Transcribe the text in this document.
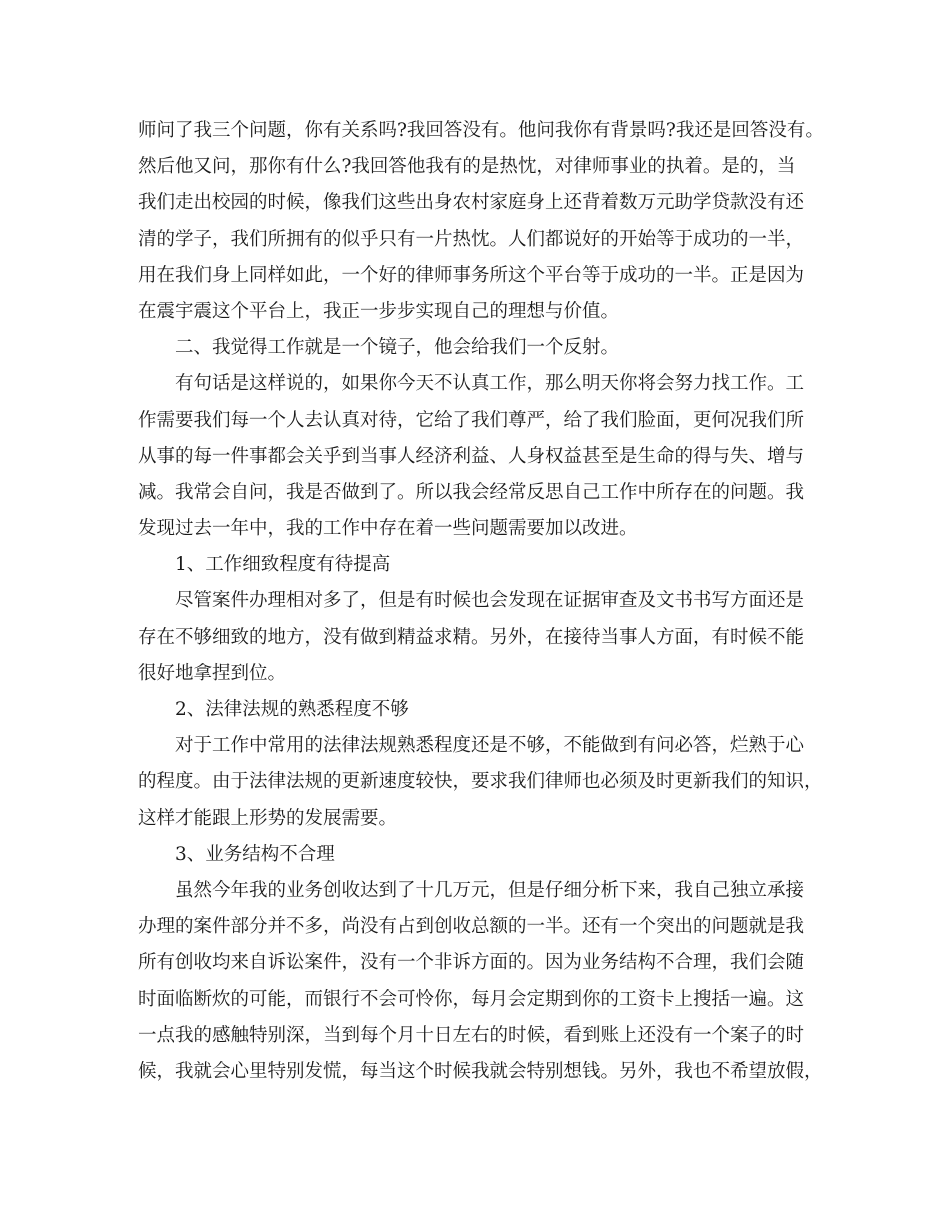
师问了我三个问题，你有关系吗?我回答没有。他问我你有背景吗?我还是回答没有。
然后他又问，那你有什么?我回答他我有的是热忱，对律师事业的执着。是的，当
我们走出校园的时候，像我们这些出身农村家庭身上还背着数万元助学贷款没有还
清的学子，我们所拥有的似乎只有一片热忱。人们都说好的开始等于成功的一半，
用在我们身上同样如此，一个好的律师事务所这个平台等于成功的一半。正是因为
在震宇震这个平台上，我正一步步实现自己的理想与价值。
二、我觉得工作就是一个镜子，他会给我们一个反射。
有句话是这样说的，如果你今天不认真工作，那么明天你将会努力找工作。工
作需要我们每一个人去认真对待，它给了我们尊严，给了我们脸面，更何况我们所
从事的每一件事都会关乎到当事人经济利益、人身权益甚至是生命的得与失、增与
减。我常会自问，我是否做到了。所以我会经常反思自己工作中所存在的问题。我
发现过去一年中，我的工作中存在着一些问题需要加以改进。
1、工作细致程度有待提高
尽管案件办理相对多了，但是有时候也会发现在证据审查及文书书写方面还是
存在不够细致的地方，没有做到精益求精。另外，在接待当事人方面，有时候不能
很好地拿捏到位。
2、法律法规的熟悉程度不够
对于工作中常用的法律法规熟悉程度还是不够，不能做到有问必答，烂熟于心
的程度。由于法律法规的更新速度较快，要求我们律师也必须及时更新我们的知识，
这样才能跟上形势的发展需要。
3、业务结构不合理
虽然今年我的业务创收达到了十几万元，但是仔细分析下来，我自己独立承接
办理的案件部分并不多，尚没有占到创收总额的一半。还有一个突出的问题就是我
所有创收均来自诉讼案件，没有一个非诉方面的。因为业务结构不合理，我们会随
时面临断炊的可能，而银行不会可怜你，每月会定期到你的工资卡上搜括一遍。这
一点我的感触特别深，当到每个月十日左右的时候，看到账上还没有一个案子的时
候，我就会心里特别发慌，每当这个时候我就会特别想钱。另外，我也不希望放假，
